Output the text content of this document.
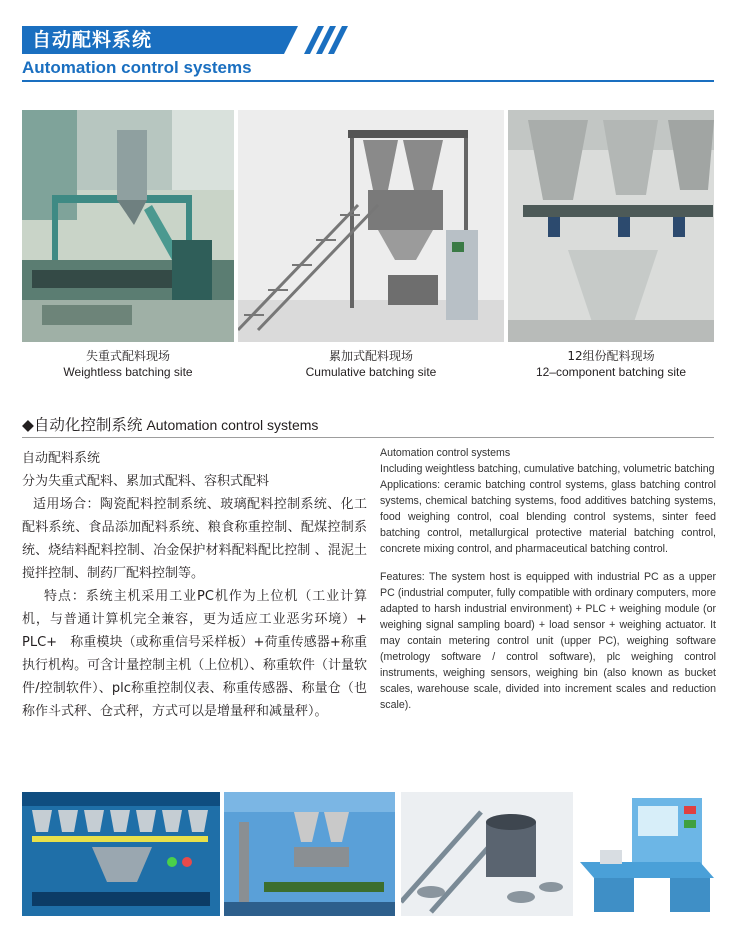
自动配料系统
Automation control systems
失重式配料现场
Weightless batching site
累加式配料现场
Cumulative batching site
12组份配料现场
12–component batching site
◆自动化控制系统 Automation control systems

自动配料系统

分为失重式配料、累加式配料、容积式配料

适用场合：陶瓷配料控制系统、玻璃配料控制系统、化工配料系统、食品添加配料系统、粮食称重控制、配煤控制系统、烧结料配料控制、冶金保护材料配料配比控制 、混泥土搅拌控制、制药厂配料控制等。

特点：系统主机采用工业PC机作为上位机（工业计算机，与普通计算机完全兼容，更为适应工业恶劣环境）+ PLC+　称重模块（或称重信号采样板）+荷重传感器+称重执行机构。可含计量控制主机（上位机）、称重软件（计量软件/控制软件）、plc称重控制仪表、称重传感器、称量仓（也称作斗式秤、仓式秤，方式可以是增量秤和减量秤）。

Automation control systems

Including weightless batching, cumulative batching, volumetric batching

Applications: ceramic batching control systems, glass batching control systems, chemical batching systems, food additives batching systems, food weighing control, coal blending control systems, sinter feed batching control, metallurgical protective material batching control, concrete mixing control, and pharmaceutical batching control.

Features: The system host is equipped with industrial PC as a upper PC (industrial computer, fully compatible with ordinary computers, more adapted to harsh industrial environment) + PLC + weighing module (or weighing signal sampling board) + load sensor + weighing actuator. It may contain metering control unit (upper PC), weighing software (metrology software / control software), plc weighing control instruments, weighing sensors, weighing bin (also known as bucket scales, warehouse scale, divided into increment scales and reduction scale).
